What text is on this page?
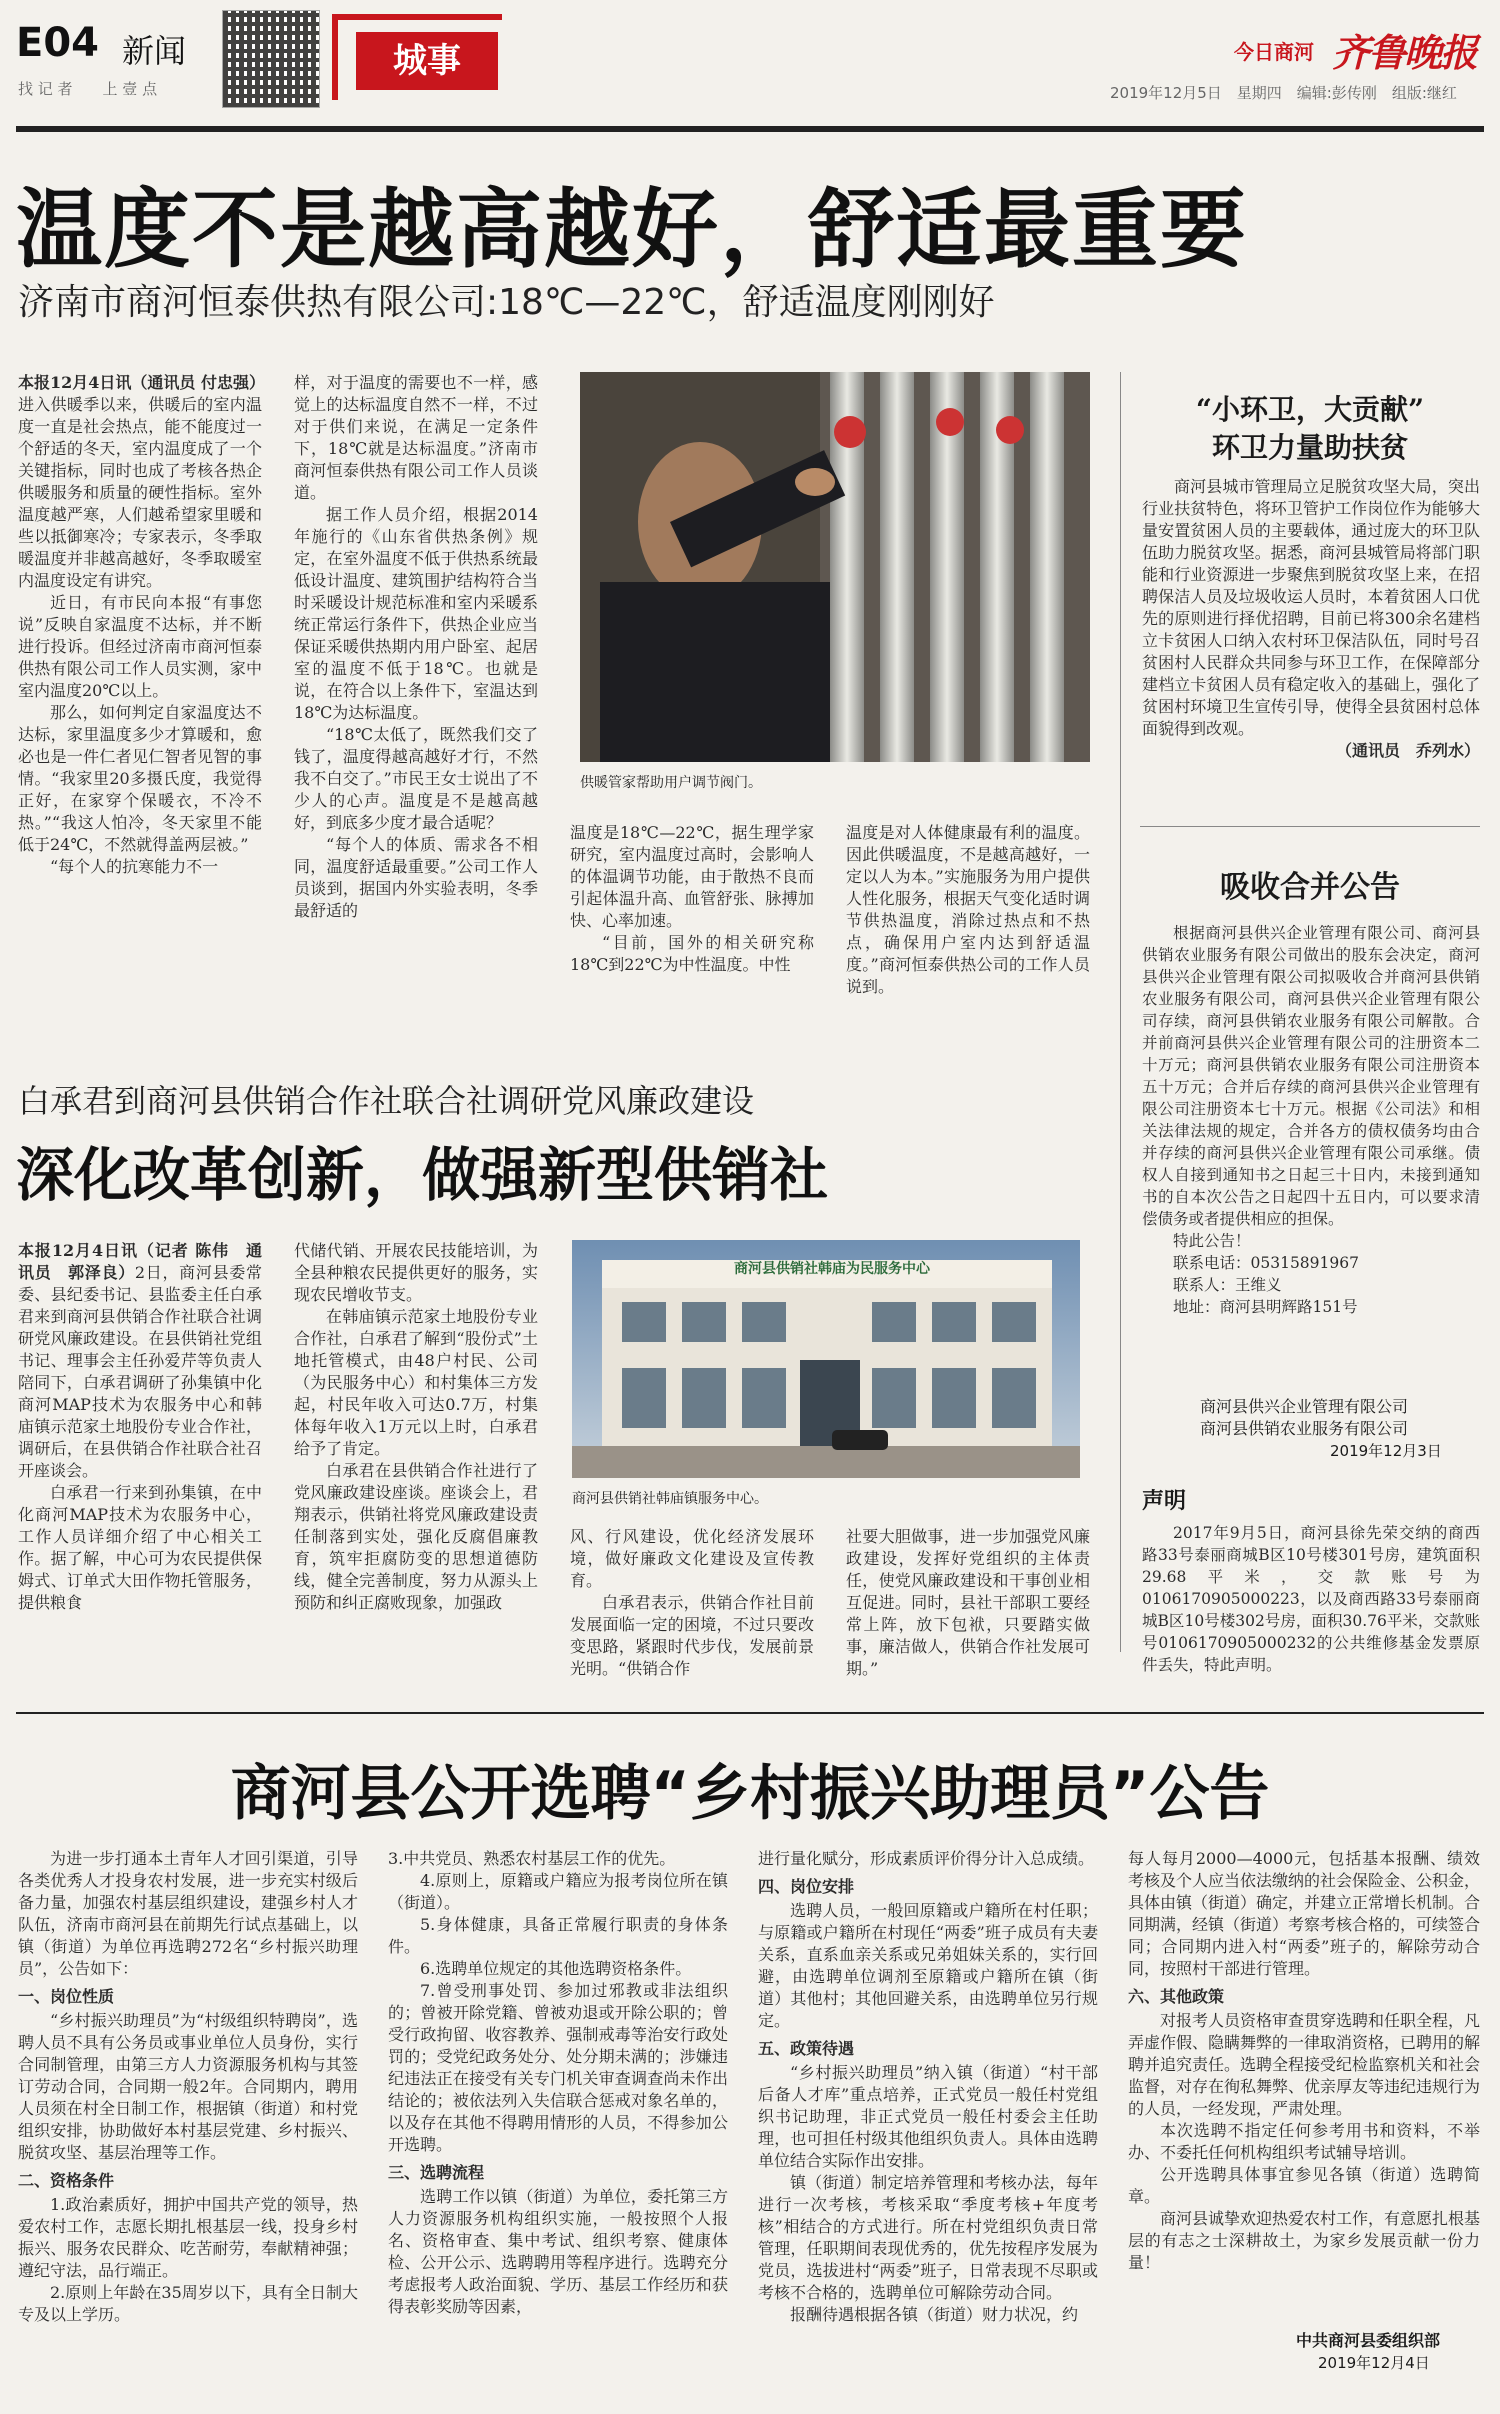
E04 新闻
找 记 者　　上 壹 点
城事	今日商河 齐鲁晚报
2019年12月5日　星期四　编辑:彭传刚　组版:继红
温度不是越高越好，舒适最重要
济南市商河恒泰供热有限公司:18℃—22℃，舒适温度刚刚好

本报12月4日讯（通讯员 付忠强）进入供暖季以来，供暖后的室内温度一直是社会热点，能不能度过一个舒适的冬天，室内温度成了一个关键指标，同时也成了考核各热企供暖服务和质量的硬性指标。室外温度越严寒，人们越希望家里暖和些以抵御寒冷；专家表示，冬季取暖温度并非越高越好，冬季取暖室内温度设定有讲究。

近日，有市民向本报“有事您说”反映自家温度不达标，并不断进行投诉。但经过济南市商河恒泰供热有限公司工作人员实测，家中室内温度20℃以上。

那么，如何判定自家温度达不达标，家里温度多少才算暖和，愈必也是一件仁者见仁智者见智的事情。“我家里20多摄氏度，我觉得正好，在家穿个保暖衣，不冷不热。”“我这人怕冷，冬天家里不能低于24℃，不然就得盖两层被。”

“每个人的抗寒能力不一

样，对于温度的需要也不一样，感觉上的达标温度自然不一样，不过对于供们来说，在满足一定条件下，18℃就是达标温度。”济南市商河恒泰供热有限公司工作人员谈道。

据工作人员介绍，根据2014年施行的《山东省供热条例》规定，在室外温度不低于供热系统最低设计温度、建筑围护结构符合当时采暖设计规范标准和室内采暖系统正常运行条件下，供热企业应当保证采暖供热期内用户卧室、起居室的温度不低于18℃。也就是说，在符合以上条件下，室温达到18℃为达标温度。

“18℃太低了，既然我们交了钱了，温度得越高越好才行，不然我不白交了。”市民王女士说出了不少人的心声。温度是不是越高越好，到底多少度才最合适呢？

“每个人的体质、需求各不相同，温度舒适最重要。”公司工作人员谈到，据国内外实验表明，冬季最舒适的

供暖管家帮助用户调节阀门。

温度是18℃—22℃，据生理学家研究，室内温度过高时，会影响人的体温调节功能，由于散热不良而引起体温升高、血管舒张、脉搏加快、心率加速。

“目前，国外的相关研究称18℃到22℃为中性温度。中性

温度是对人体健康最有利的温度。因此供暖温度，不是越高越好，一定以人为本。”实施服务为用户提供人性化服务，根据天气变化适时调节供热温度，消除过热点和不热点，确保用户室内达到舒适温度。”商河恒泰供热公司的工作人员说到。

“小环卫，大贡献”
环卫力量助扶贫

商河县城市管理局立足脱贫攻坚大局，突出行业扶贫特色，将环卫管护工作岗位作为能够大量安置贫困人员的主要载体，通过庞大的环卫队伍助力脱贫攻坚。据悉，商河县城管局将部门职能和行业资源进一步聚焦到脱贫攻坚上来，在招聘保洁人员及垃圾收运人员时，本着贫困人口优先的原则进行择优招聘，目前已将300余名建档立卡贫困人口纳入农村环卫保洁队伍，同时号召贫困村人民群众共同参与环卫工作，在保障部分建档立卡贫困人员有稳定收入的基础上，强化了贫困村环境卫生宣传引导，使得全县贫困村总体面貌得到改观。

（通讯员　乔列水）

吸收合并公告

根据商河县供兴企业管理有限公司、商河县供销农业服务有限公司做出的股东会决定，商河县供兴企业管理有限公司拟吸收合并商河县供销农业服务有限公司，商河县供兴企业管理有限公司存续，商河县供销农业服务有限公司解散。合并前商河县供兴企业管理有限公司的注册资本二十万元；商河县供销农业服务有限公司注册资本五十万元；合并后存续的商河县供兴企业管理有限公司注册资本七十万元。根据《公司法》和相关法律法规的规定，合并各方的债权债务均由合并存续的商河县供兴企业管理有限公司承继。债权人自接到通知书之日起三十日内，未接到通知书的自本次公告之日起四十五日内，可以要求清偿债务或者提供相应的担保。

特此公告！

联系电话：05315891967

联系人：王维义

地址：商河县明辉路151号

商河县供兴企业管理有限公司
商河县供销农业服务有限公司
2019年12月3日
声明

2017年9月5日，商河县徐先荣交纳的商西路33号泰丽商城B区10号楼301号房，建筑面积29.68平米，交款账号为0106170905000223，以及商西路33号泰丽商城B区10号楼302号房，面积30.76平米，交款账号0106170905000232的公共维修基金发票原件丢失，特此声明。

白承君到商河县供销合作社联合社调研党风廉政建设
深化改革创新，做强新型供销社

本报12月4日讯（记者 陈伟　通讯员　郭泽良）2日，商河县委常委、县纪委书记、县监委主任白承君来到商河县供销合作社联合社调研党风廉政建设。在县供销社党组书记、理事会主任孙爱芹等负责人陪同下，白承君调研了孙集镇中化商河MAP技术为农服务中心和韩庙镇示范家土地股份专业合作社，调研后，在县供销合作社联合社召开座谈会。

白承君一行来到孙集镇，在中化商河MAP技术为农服务中心，工作人员详细介绍了中心相关工作。据了解，中心可为农民提供保姆式、订单式大田作物托管服务，提供粮食

代储代销、开展农民技能培训，为全县种粮农民提供更好的服务，实现农民增收节支。

在韩庙镇示范家土地股份专业合作社，白承君了解到“股份式”土地托管模式，由48户村民、公司（为民服务中心）和村集体三方发起，村民年收入可达0.7万，村集体每年收入1万元以上时，白承君给予了肯定。

白承君在县供销合作社进行了党风廉政建设座谈。座谈会上，君翔表示，供销社将党风廉政建设责任制落到实处，强化反腐倡廉教育，筑牢拒腐防变的思想道德防线，健全完善制度，努力从源头上预防和纠正腐败现象，加强政

商河县供销社韩庙为民服务中心
商河县供销社韩庙镇服务中心。

风、行风建设，优化经济发展环境，做好廉政文化建设及宣传教育。

白承君表示，供销合作社目前发展面临一定的困境，不过只要改变思路，紧跟时代步伐，发展前景光明。“供销合作

社要大胆做事，进一步加强党风廉政建设，发挥好党组织的主体责任，使党风廉政建设和干事创业相互促进。同时，县社干部职工要经常上阵，放下包袱，只要踏实做事，廉洁做人，供销合作社发展可期。”

商河县公开选聘“乡村振兴助理员”公告

为进一步打通本土青年人才回引渠道，引导各类优秀人才投身农村发展，进一步充实村级后备力量，加强农村基层组织建设，建强乡村人才队伍，济南市商河县在前期先行试点基础上，以镇（街道）为单位再选聘272名“乡村振兴助理员”，公告如下：

一、岗位性质

“乡村振兴助理员”为“村级组织特聘岗”，选聘人员不具有公务员或事业单位人员身份，实行合同制管理，由第三方人力资源服务机构与其签订劳动合同，合同期一般2年。合同期内，聘用人员须在村全日制工作，根据镇（街道）和村党组织安排，协助做好本村基层党建、乡村振兴、脱贫攻坚、基层治理等工作。

二、资格条件

1.政治素质好，拥护中国共产党的领导，热爱农村工作，志愿长期扎根基层一线，投身乡村振兴、服务农民群众、吃苦耐劳，奉献精神强；遵纪守法，品行端正。

2.原则上年龄在35周岁以下，具有全日制大专及以上学历。

3.中共党员、熟悉农村基层工作的优先。

4.原则上，原籍或户籍应为报考岗位所在镇（街道）。

5.身体健康，具备正常履行职责的身体条件。

6.选聘单位规定的其他选聘资格条件。

7.曾受刑事处罚、参加过邪教或非法组织的；曾被开除党籍、曾被劝退或开除公职的；曾受行政拘留、收容教养、强制戒毒等治安行政处罚的；受党纪政务处分、处分期未满的；涉嫌违纪违法正在接受有关专门机关审查调查尚未作出结论的；被依法列入失信联合惩戒对象名单的，以及存在其他不得聘用情形的人员，不得参加公开选聘。

三、选聘流程

选聘工作以镇（街道）为单位，委托第三方人力资源服务机构组织实施，一般按照个人报名、资格审查、集中考试、组织考察、健康体检、公开公示、选聘聘用等程序进行。选聘充分考虑报考人政治面貌、学历、基层工作经历和获得表彰奖励等因素，

进行量化赋分，形成素质评价得分计入总成绩。

四、岗位安排

选聘人员，一般回原籍或户籍所在村任职；与原籍或户籍所在村现任“两委”班子成员有夫妻关系，直系血亲关系或兄弟姐妹关系的，实行回避，由选聘单位调剂至原籍或户籍所在镇（街道）其他村；其他回避关系，由选聘单位另行规定。

五、政策待遇

“乡村振兴助理员”纳入镇（街道）“村干部后备人才库”重点培养，正式党员一般任村党组织书记助理，非正式党员一般任村委会主任助理，也可担任村级其他组织负责人。具体由选聘单位结合实际作出安排。

镇（街道）制定培养管理和考核办法，每年进行一次考核，考核采取“季度考核+年度考核”相结合的方式进行。所在村党组织负责日常管理，任职期间表现优秀的，优先按程序发展为党员，选拔进村“两委”班子，日常表现不尽职或考核不合格的，选聘单位可解除劳动合同。

报酬待遇根据各镇（街道）财力状况，约

每人每月2000—4000元，包括基本报酬、绩效考核及个人应当依法缴纳的社会保险金、公积金，具体由镇（街道）确定，并建立正常增长机制。合同期满，经镇（街道）考察考核合格的，可续签合同；合同期内进入村“两委”班子的，解除劳动合同，按照村干部进行管理。

六、其他政策

对报考人员资格审查贯穿选聘和任职全程，凡弄虚作假、隐瞒舞弊的一律取消资格，已聘用的解聘并追究责任。选聘全程接受纪检监察机关和社会监督，对存在徇私舞弊、优亲厚友等违纪违规行为的人员，一经发现，严肃处理。

本次选聘不指定任何参考用书和资料，不举办、不委托任何机构组织考试辅导培训。

公开选聘具体事宜参见各镇（街道）选聘简章。

商河县诚挚欢迎热爱农村工作，有意愿扎根基层的有志之士深耕故土，为家乡发展贡献一份力量！

中共商河县委组织部
2019年12月4日
